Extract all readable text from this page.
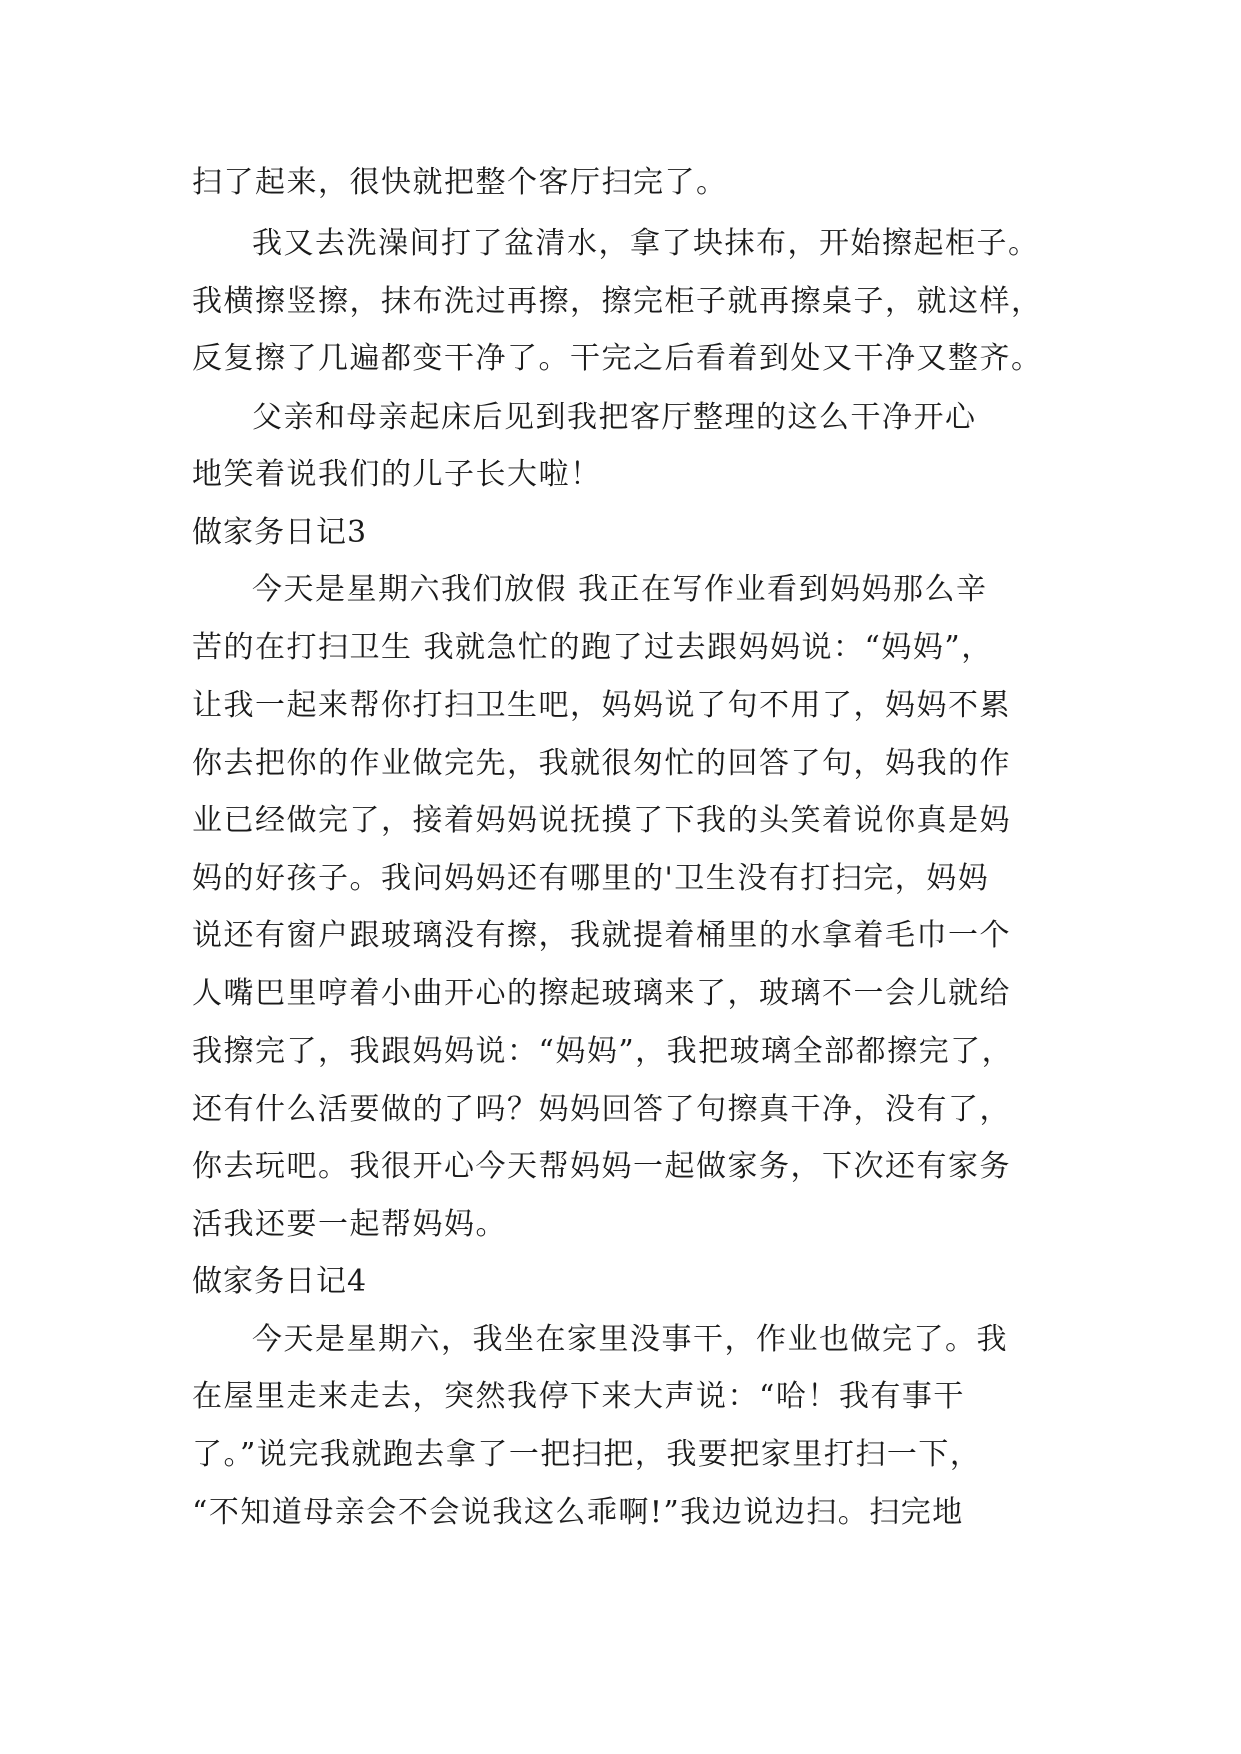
扫了起来，很快就把整个客厅扫完了。
我又去洗澡间打了盆清水，拿了块抹布，开始擦起柜子。
我横擦竖擦，抹布洗过再擦，擦完柜子就再擦桌子，就这样，
反复擦了几遍都变干净了。干完之后看着到处又干净又整齐。
父亲和母亲起床后见到我把客厅整理的这么干净开心
地笑着说我们的儿子长大啦！
做家务日记3
今天是星期六我们放假 我正在写作业看到妈妈那么辛
苦的在打扫卫生 我就急忙的跑了过去跟妈妈说：“妈妈”，
让我一起来帮你打扫卫生吧，妈妈说了句不用了，妈妈不累
你去把你的作业做完先，我就很匆忙的回答了句，妈我的作
业已经做完了，接着妈妈说抚摸了下我的头笑着说你真是妈
妈的好孩子。我问妈妈还有哪里的'卫生没有打扫完，妈妈
说还有窗户跟玻璃没有擦，我就提着桶里的水拿着毛巾一个
人嘴巴里哼着小曲开心的擦起玻璃来了，玻璃不一会儿就给
我擦完了，我跟妈妈说：“妈妈”，我把玻璃全部都擦完了，
还有什么活要做的了吗？妈妈回答了句擦真干净，没有了，
你去玩吧。我很开心今天帮妈妈一起做家务，下次还有家务
活我还要一起帮妈妈。
做家务日记4
今天是星期六，我坐在家里没事干，作业也做完了。我
在屋里走来走去，突然我停下来大声说：“哈！我有事干
了。”说完我就跑去拿了一把扫把，我要把家里打扫一下，
“不知道母亲会不会说我这么乖啊!”我边说边扫。扫完地
